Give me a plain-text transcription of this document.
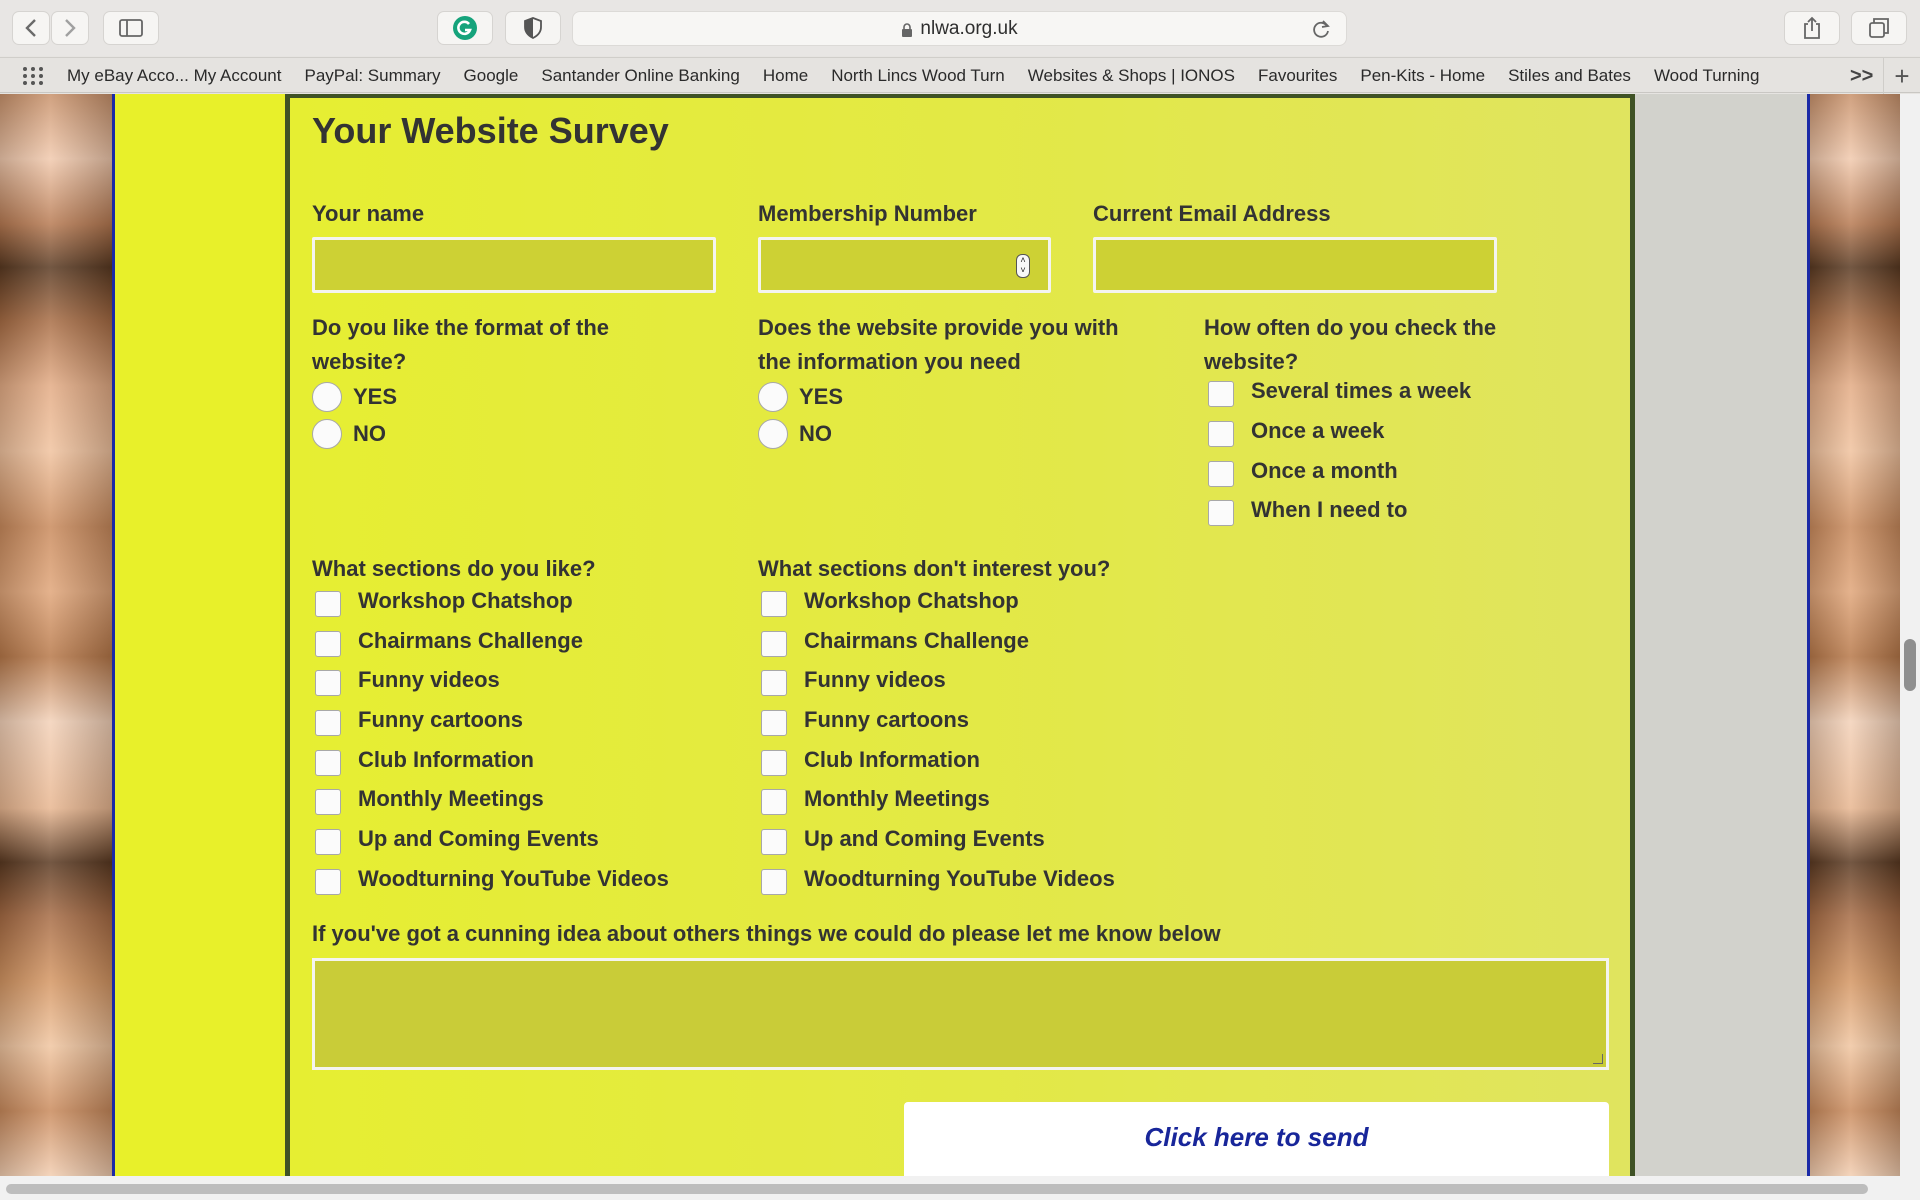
nlwa.org.uk
My eBay Acco... My Account	PayPal: Summary	Google	Santander Online Banking	Home	North Lincs Wood Turn	Websites & Shops | IONOS	Favourites	Pen-Kits - Home	Stiles and Bates	Wood Turning	>> +
Your Website Survey
Your name	Membership Number
˄
˅
Current Email Address
Do you like the format of the
website?
YES
NO
Does the website provide you with
the information you need
YES
NO
How often do you check the
website?
Several times a week
Once a week
Once a month
When I need to
What sections do you like?
Workshop Chatshop
Chairmans Challenge
Funny videos
Funny cartoons
Club Information
Monthly Meetings
Up and Coming Events
Woodturning YouTube Videos
What sections don't interest you?
Workshop Chatshop
Chairmans Challenge
Funny videos
Funny cartoons
Club Information
Monthly Meetings
Up and Coming Events
Woodturning YouTube Videos
If you've got a cunning idea about others things we could do please let me know below
Click here to send
